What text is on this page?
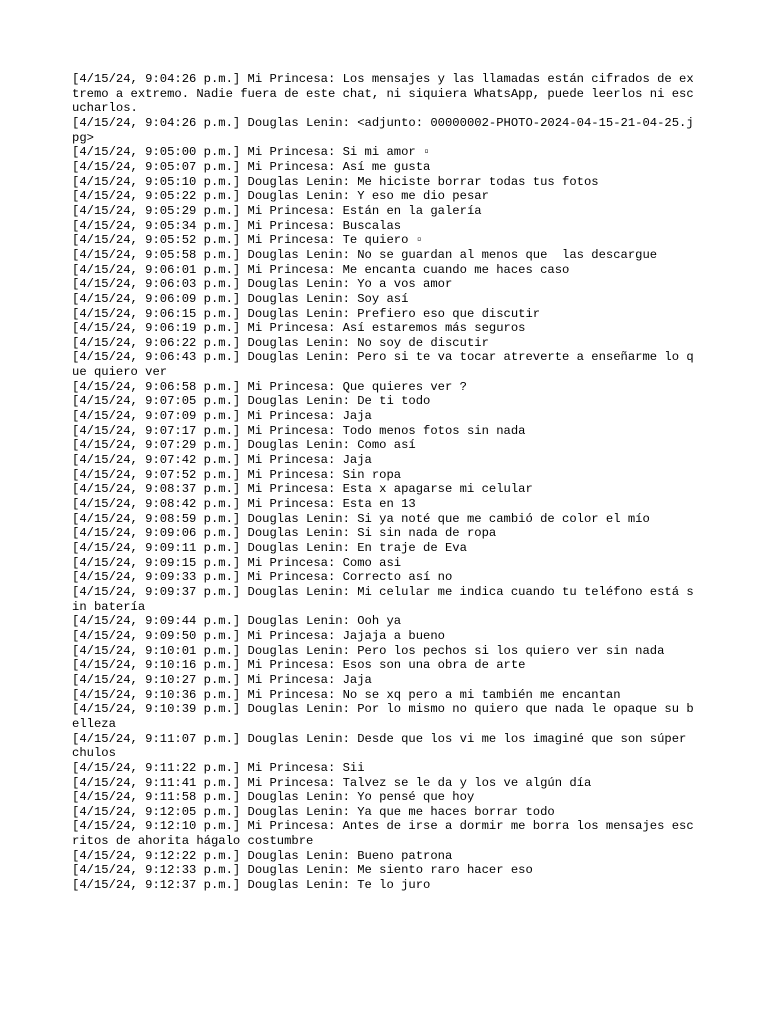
[4/15/24, 9:04:26 p.m.] Mi Princesa: Los mensajes y las llamadas están cifrados de extremo a extremo. Nadie fuera de este chat, ni siquiera WhatsApp, puede leerlos ni escucharlos.

[4/15/24, 9:04:26 p.m.] Douglas Lenin: <adjunto: 00000002-PHOTO-2024-04-15-21-04-25.jpg>

[4/15/24, 9:05:00 p.m.] Mi Princesa: Si mi amor ▫

[4/15/24, 9:05:07 p.m.] Mi Princesa: Así me gusta

[4/15/24, 9:05:10 p.m.] Douglas Lenin: Me hiciste borrar todas tus fotos

[4/15/24, 9:05:22 p.m.] Douglas Lenin: Y eso me dio pesar

[4/15/24, 9:05:29 p.m.] Mi Princesa: Están en la galería

[4/15/24, 9:05:34 p.m.] Mi Princesa: Buscalas

[4/15/24, 9:05:52 p.m.] Mi Princesa: Te quiero ▫

[4/15/24, 9:05:58 p.m.] Douglas Lenin: No se guardan al menos que  las descargue

[4/15/24, 9:06:01 p.m.] Mi Princesa: Me encanta cuando me haces caso

[4/15/24, 9:06:03 p.m.] Douglas Lenin: Yo a vos amor

[4/15/24, 9:06:09 p.m.] Douglas Lenin: Soy así

[4/15/24, 9:06:15 p.m.] Douglas Lenin: Prefiero eso que discutir

[4/15/24, 9:06:19 p.m.] Mi Princesa: Así estaremos más seguros

[4/15/24, 9:06:22 p.m.] Douglas Lenin: No soy de discutir

[4/15/24, 9:06:43 p.m.] Douglas Lenin: Pero si te va tocar atreverte a enseñarme lo que quiero ver

[4/15/24, 9:06:58 p.m.] Mi Princesa: Que quieres ver ?

[4/15/24, 9:07:05 p.m.] Douglas Lenin: De ti todo

[4/15/24, 9:07:09 p.m.] Mi Princesa: Jaja

[4/15/24, 9:07:17 p.m.] Mi Princesa: Todo menos fotos sin nada

[4/15/24, 9:07:29 p.m.] Douglas Lenin: Como así

[4/15/24, 9:07:42 p.m.] Mi Princesa: Jaja

[4/15/24, 9:07:52 p.m.] Mi Princesa: Sin ropa

[4/15/24, 9:08:37 p.m.] Mi Princesa: Esta x apagarse mi celular

[4/15/24, 9:08:42 p.m.] Mi Princesa: Esta en 13

[4/15/24, 9:08:59 p.m.] Douglas Lenin: Si ya noté que me cambió de color el mío

[4/15/24, 9:09:06 p.m.] Douglas Lenin: Si sin nada de ropa

[4/15/24, 9:09:11 p.m.] Douglas Lenin: En traje de Eva

[4/15/24, 9:09:15 p.m.] Mi Princesa: Como asi

[4/15/24, 9:09:33 p.m.] Mi Princesa: Correcto así no

[4/15/24, 9:09:37 p.m.] Douglas Lenin: Mi celular me indica cuando tu teléfono está sin batería

[4/15/24, 9:09:44 p.m.] Douglas Lenin: Ooh ya

[4/15/24, 9:09:50 p.m.] Mi Princesa: Jajaja a bueno

[4/15/24, 9:10:01 p.m.] Douglas Lenin: Pero los pechos si los quiero ver sin nada

[4/15/24, 9:10:16 p.m.] Mi Princesa: Esos son una obra de arte

[4/15/24, 9:10:27 p.m.] Mi Princesa: Jaja

[4/15/24, 9:10:36 p.m.] Mi Princesa: No se xq pero a mi también me encantan

[4/15/24, 9:10:39 p.m.] Douglas Lenin: Por lo mismo no quiero que nada le opaque su belleza

[4/15/24, 9:11:07 p.m.] Douglas Lenin: Desde que los vi me los imaginé que son súper chulos

[4/15/24, 9:11:22 p.m.] Mi Princesa: Sii

[4/15/24, 9:11:41 p.m.] Mi Princesa: Talvez se le da y los ve algún día

[4/15/24, 9:11:58 p.m.] Douglas Lenin: Yo pensé que hoy

[4/15/24, 9:12:05 p.m.] Douglas Lenin: Ya que me haces borrar todo

[4/15/24, 9:12:10 p.m.] Mi Princesa: Antes de irse a dormir me borra los mensajes escritos de ahorita hágalo costumbre

[4/15/24, 9:12:22 p.m.] Douglas Lenin: Bueno patrona

[4/15/24, 9:12:33 p.m.] Douglas Lenin: Me siento raro hacer eso

[4/15/24, 9:12:37 p.m.] Douglas Lenin: Te lo juro
